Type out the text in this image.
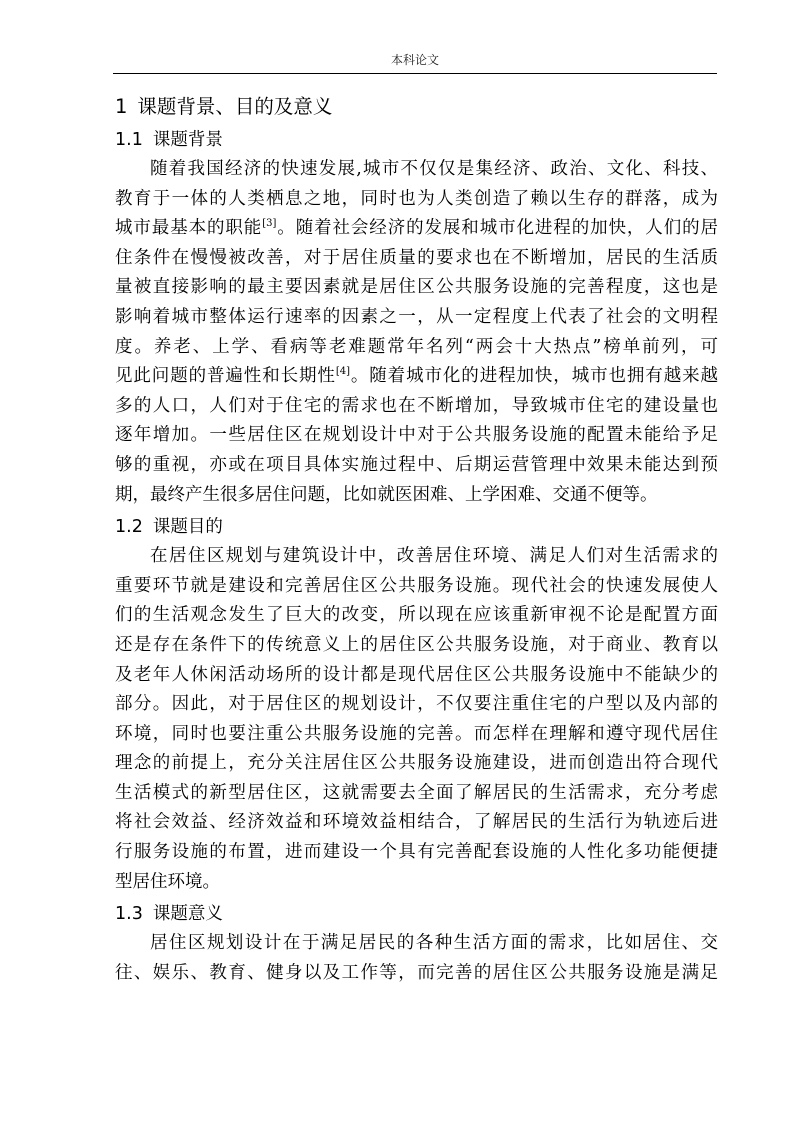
本科论文
1 课题背景、目的及意义
1.1 课题背景
随着我国经济的快速发展,城市不仅仅是集经济、政治、文化、科技、
教育于一体的人类栖息之地，同时也为人类创造了赖以生存的群落，成为
城市最基本的职能[3]。随着社会经济的发展和城市化进程的加快，人们的居
住条件在慢慢被改善，对于居住质量的要求也在不断增加，居民的生活质
量被直接影响的最主要因素就是居住区公共服务设施的完善程度，这也是
影响着城市整体运行速率的因素之一，从一定程度上代表了社会的文明程
度。养老、上学、看病等老难题常年名列“两会十大热点”榜单前列，可
见此问题的普遍性和长期性[4]。随着城市化的进程加快，城市也拥有越来越
多的人口，人们对于住宅的需求也在不断增加，导致城市住宅的建设量也
逐年增加。一些居住区在规划设计中对于公共服务设施的配置未能给予足
够的重视，亦或在项目具体实施过程中、后期运营管理中效果未能达到预
期，最终产生很多居住问题，比如就医困难、上学困难、交通不便等。
1.2 课题目的
在居住区规划与建筑设计中，改善居住环境、满足人们对生活需求的
重要环节就是建设和完善居住区公共服务设施。现代社会的快速发展使人
们的生活观念发生了巨大的改变，所以现在应该重新审视不论是配置方面
还是存在条件下的传统意义上的居住区公共服务设施，对于商业、教育以
及老年人休闲活动场所的设计都是现代居住区公共服务设施中不能缺少的
部分。因此，对于居住区的规划设计，不仅要注重住宅的户型以及内部的
环境，同时也要注重公共服务设施的完善。而怎样在理解和遵守现代居住
理念的前提上，充分关注居住区公共服务设施建设，进而创造出符合现代
生活模式的新型居住区，这就需要去全面了解居民的生活需求，充分考虑
将社会效益、经济效益和环境效益相结合，了解居民的生活行为轨迹后进
行服务设施的布置，进而建设一个具有完善配套设施的人性化多功能便捷
型居住环境。
1.3 课题意义
居住区规划设计在于满足居民的各种生活方面的需求，比如居住、交
往、娱乐、教育、健身以及工作等，而完善的居住区公共服务设施是满足
